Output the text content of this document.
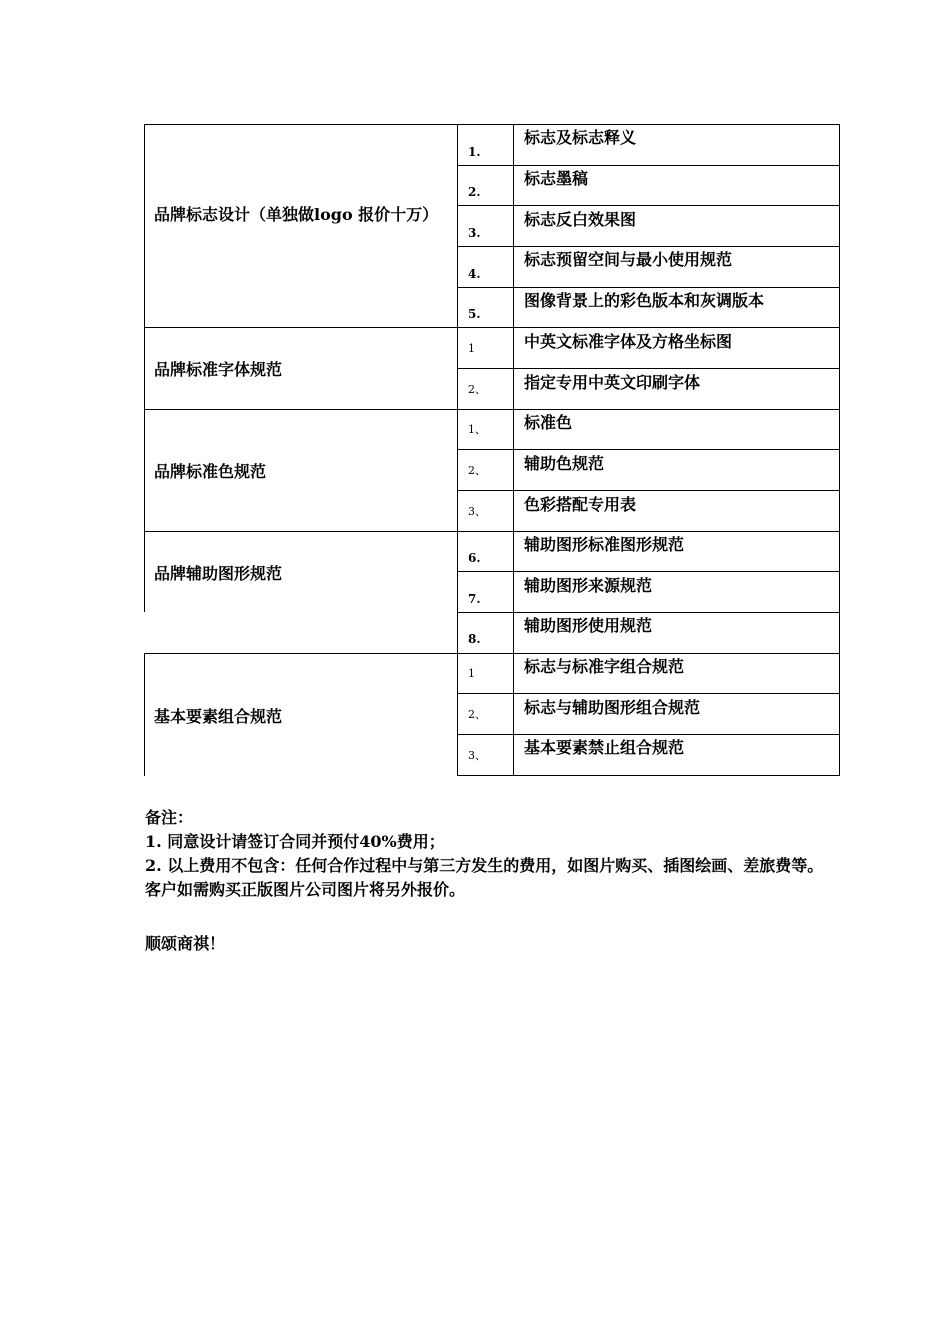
品牌标志设计（单独做logo 报价十万）
1.
标志及标志释义
2.
标志墨稿
3.
标志反白效果图
4.
标志预留空间与最小使用规范
5.
图像背景上的彩色版本和灰调版本
品牌标准字体规范
1	中英文标准字体及方格坐标图
2、 指定专用中英文印刷字体
品牌标准色规范
1、 标准色
2、 辅助色规范
3、 色彩搭配专用表
品牌辅助图形规范
6.
辅助图形标准图形规范
7.
辅助图形来源规范
8.
辅助图形使用规范
基本要素组合规范
1	标志与标准字组合规范
2、 标志与辅助图形组合规范
3、 基本要素禁止组合规范

备注：

1. 同意设计请签订合同并预付40%费用；

2. 以上费用不包含：任何合作过程中与第三方发生的费用，如图片购买、插图绘画、差旅费等。客户如需购买正版图片公司图片将另外报价。

顺颂商祺！
